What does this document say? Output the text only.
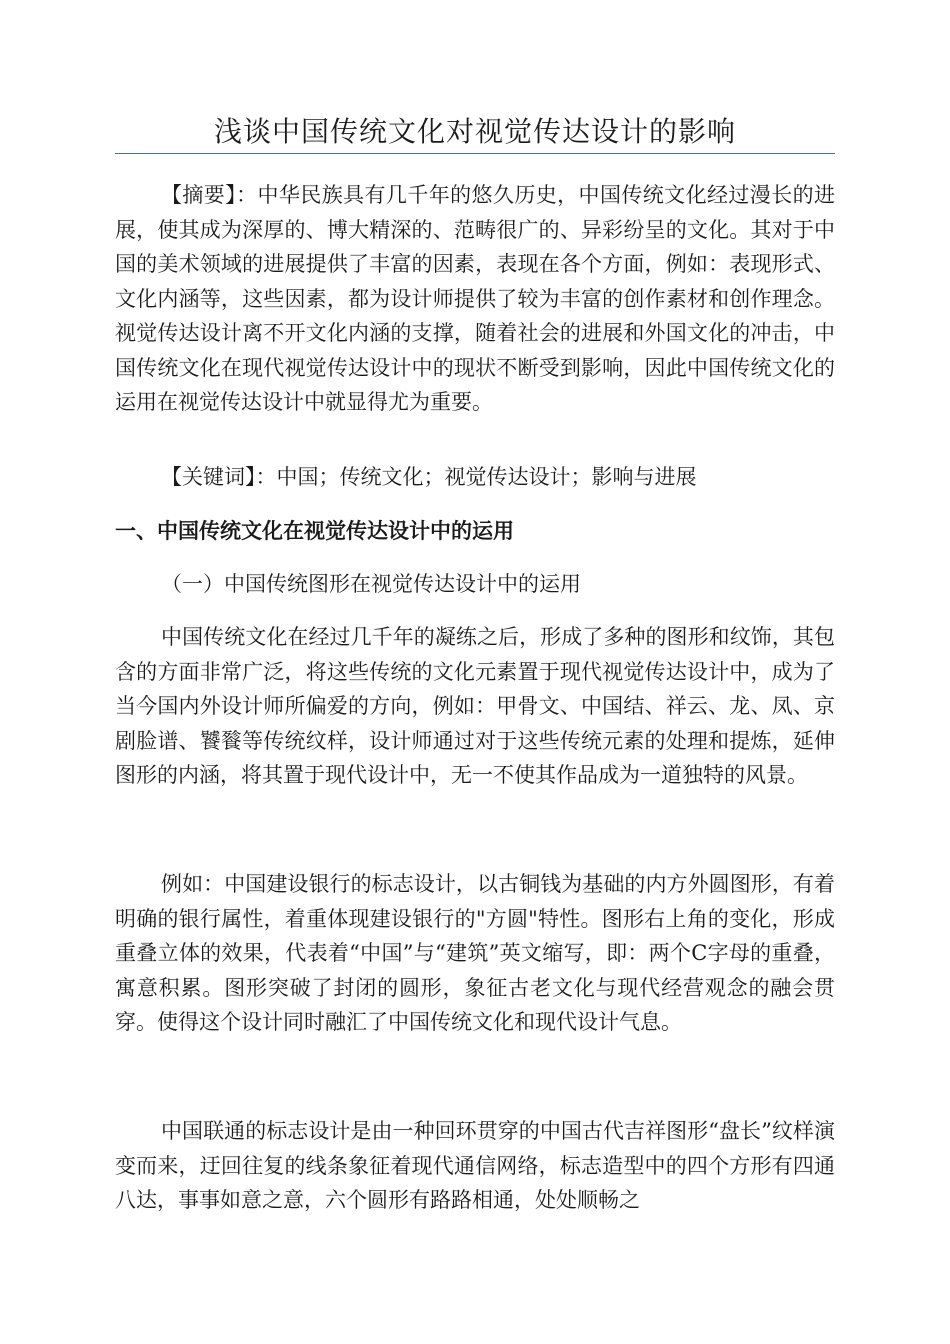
浅谈中国传统文化对视觉传达设计的影响

【摘要】：中华民族具有几千年的悠久历史，中国传统文化经过漫长的进展，使其成为深厚的、博大精深的、范畴很广的、异彩纷呈的文化。其对于中国的美术领域的进展提供了丰富的因素，表现在各个方面，例如：表现形式、文化内涵等，这些因素，都为设计师提供了较为丰富的创作素材和创作理念。视觉传达设计离不开文化内涵的支撑，随着社会的进展和外国文化的冲击，中国传统文化在现代视觉传达设计中的现状不断受到影响，因此中国传统文化的运用在视觉传达设计中就显得尤为重要。

【关键词】：中国；传统文化；视觉传达设计；影响与进展

一、中国传统文化在视觉传达设计中的运用
（一）中国传统图形在视觉传达设计中的运用

中国传统文化在经过几千年的凝练之后，形成了多种的图形和纹饰，其包含的方面非常广泛，将这些传统的文化元素置于现代视觉传达设计中，成为了当今国内外设计师所偏爱的方向，例如：甲骨文、中国结、祥云、龙、凤、京剧脸谱、饕餮等传统纹样，设计师通过对于这些传统元素的处理和提炼，延伸图形的内涵，将其置于现代设计中，无一不使其作品成为一道独特的风景。

例如：中国建设银行的标志设计，以古铜钱为基础的内方外圆图形，有着明确的银行属性，着重体现建设银行的"方圆"特性。图形右上角的变化，形成重叠立体的效果，代表着“中国”与“建筑”英文缩写，即：两个C字母的重叠，寓意积累。图形突破了封闭的圆形，象征古老文化与现代经营观念的融会贯穿。使得这个设计同时融汇了中国传统文化和现代设计气息。

中国联通的标志设计是由一种回环贯穿的中国古代吉祥图形“盘长”纹样演变而来，迂回往复的线条象征着现代通信网络，标志造型中的四个方形有四通八达，事事如意之意，六个圆形有路路相通，处处顺畅之
